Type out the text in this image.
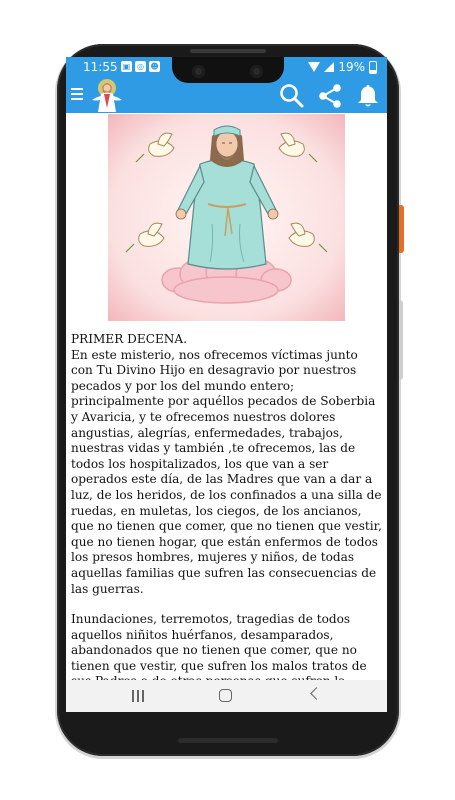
11:55 ▣ ◎ ☻	19%

PRIMER DECENA.
En este misterio, nos ofrecemos víctimas junto con Tu Divino Hijo en desagravio por nuestros pecados y por los del mundo entero; principalmente por aquéllos pecados de Soberbia y Avaricia, y te ofrecemos nuestros dolores angustias, alegrías, enfermedades, trabajos, nuestras vidas y también ,te ofrecemos, las de todos los hospitalizados, los que van a ser operados este día, de las Madres que van a dar a luz, de los heridos, de los confinados a una silla de ruedas, en muletas, los ciegos, de los ancianos, que no tienen que comer, que no tienen que vestir, que no tienen hogar, que están enfermos de todos los presos hombres, mujeres y niños, de todas aquellas familias que sufren las consecuencias de las guerras.

Inundaciones, terremotos, tragedias de todos aquellos niñitos huérfanos, desamparados, abandonados que no tienen que comer, que no tienen que vestir, que sufren los malos tratos de
